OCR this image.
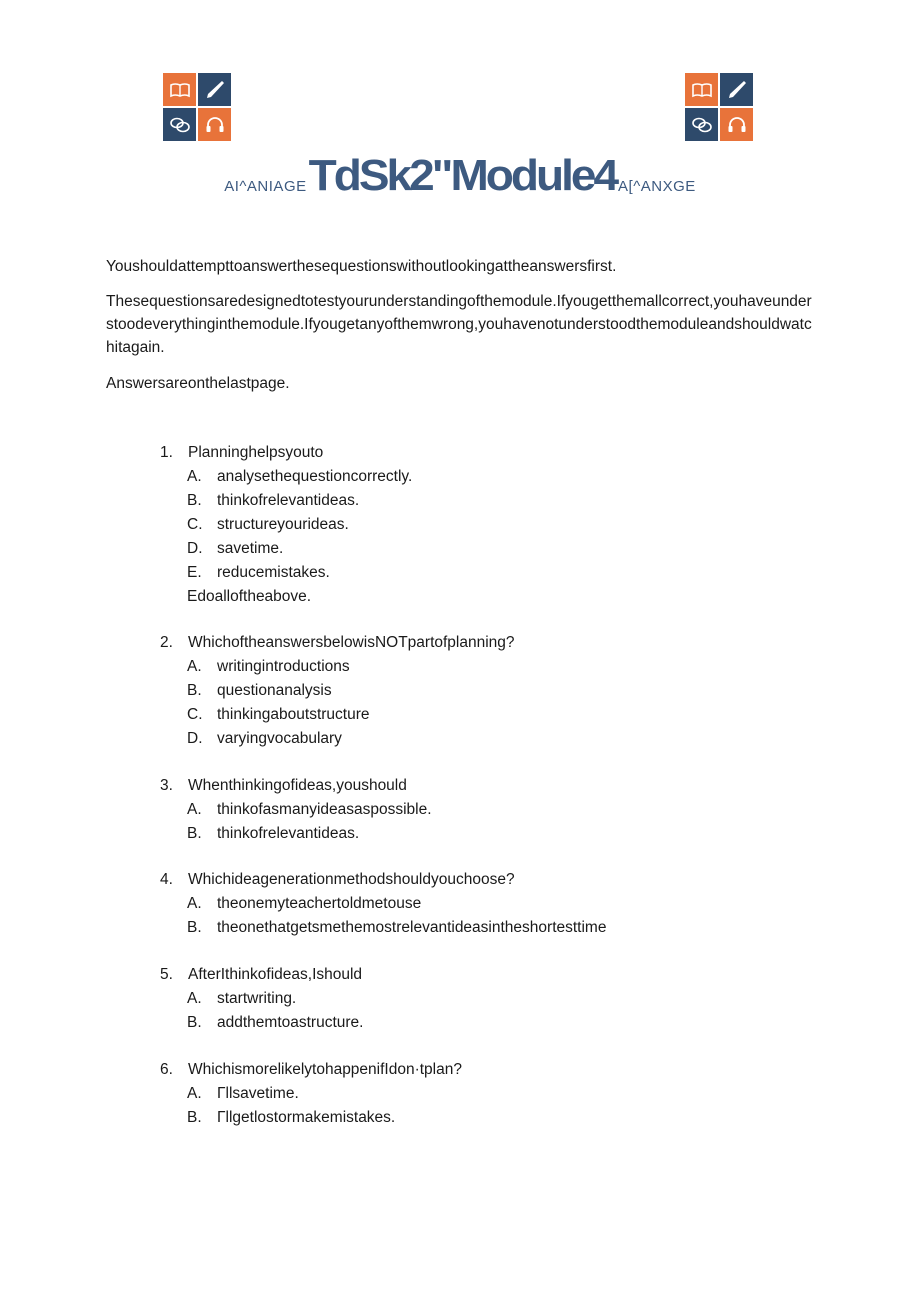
AI^ANIAGE TdSk2"Module4 A[^ANXGE

Youshouldattempttoanswerthesequestionswithoutlookingattheanswersfirst.

Thesequestionsaredesignedtotestyourunderstandingofthemodule.Ifyougetthemallcorrect,youhaveunderstoodeverythinginthemodule.Ifyougetanyofthemwrong,youhavenotunderstoodthemoduleandshouldwatchitagain.

Answersareonthelastpage.

1. Planninghelpsyouto
A. analysethequestioncorrectly.
B. thinkofrelevantideas.
C. structureyourideas.
D. savetime.
E. reducemistakes.
Edoalloftheabove.
2. WhichoftheanswersbelowisNOTpartofplanning?
A. writingintroductions
B. questionanalysis
C. thinkingaboutstructure
D. varyingvocabulary
3. Whenthinkingofideas,youshould
A. thinkofasmanyideasaspossible.
B. thinkofrelevantideas.
4. Whichideagenerationmethodshouldyouchoose?
A. theonemyteachertoldmetouse
B. theonethatgetsmethemostrelevantideasintheshortesttime
5. AfterIthinkofideas,Ishould
A. startwriting.
B. addthemtoastructure.
6. WhichismorelikelytohappenifIdon·tplan?
A. Γllsavetime.
B. Γllgetlostormakemistakes.
